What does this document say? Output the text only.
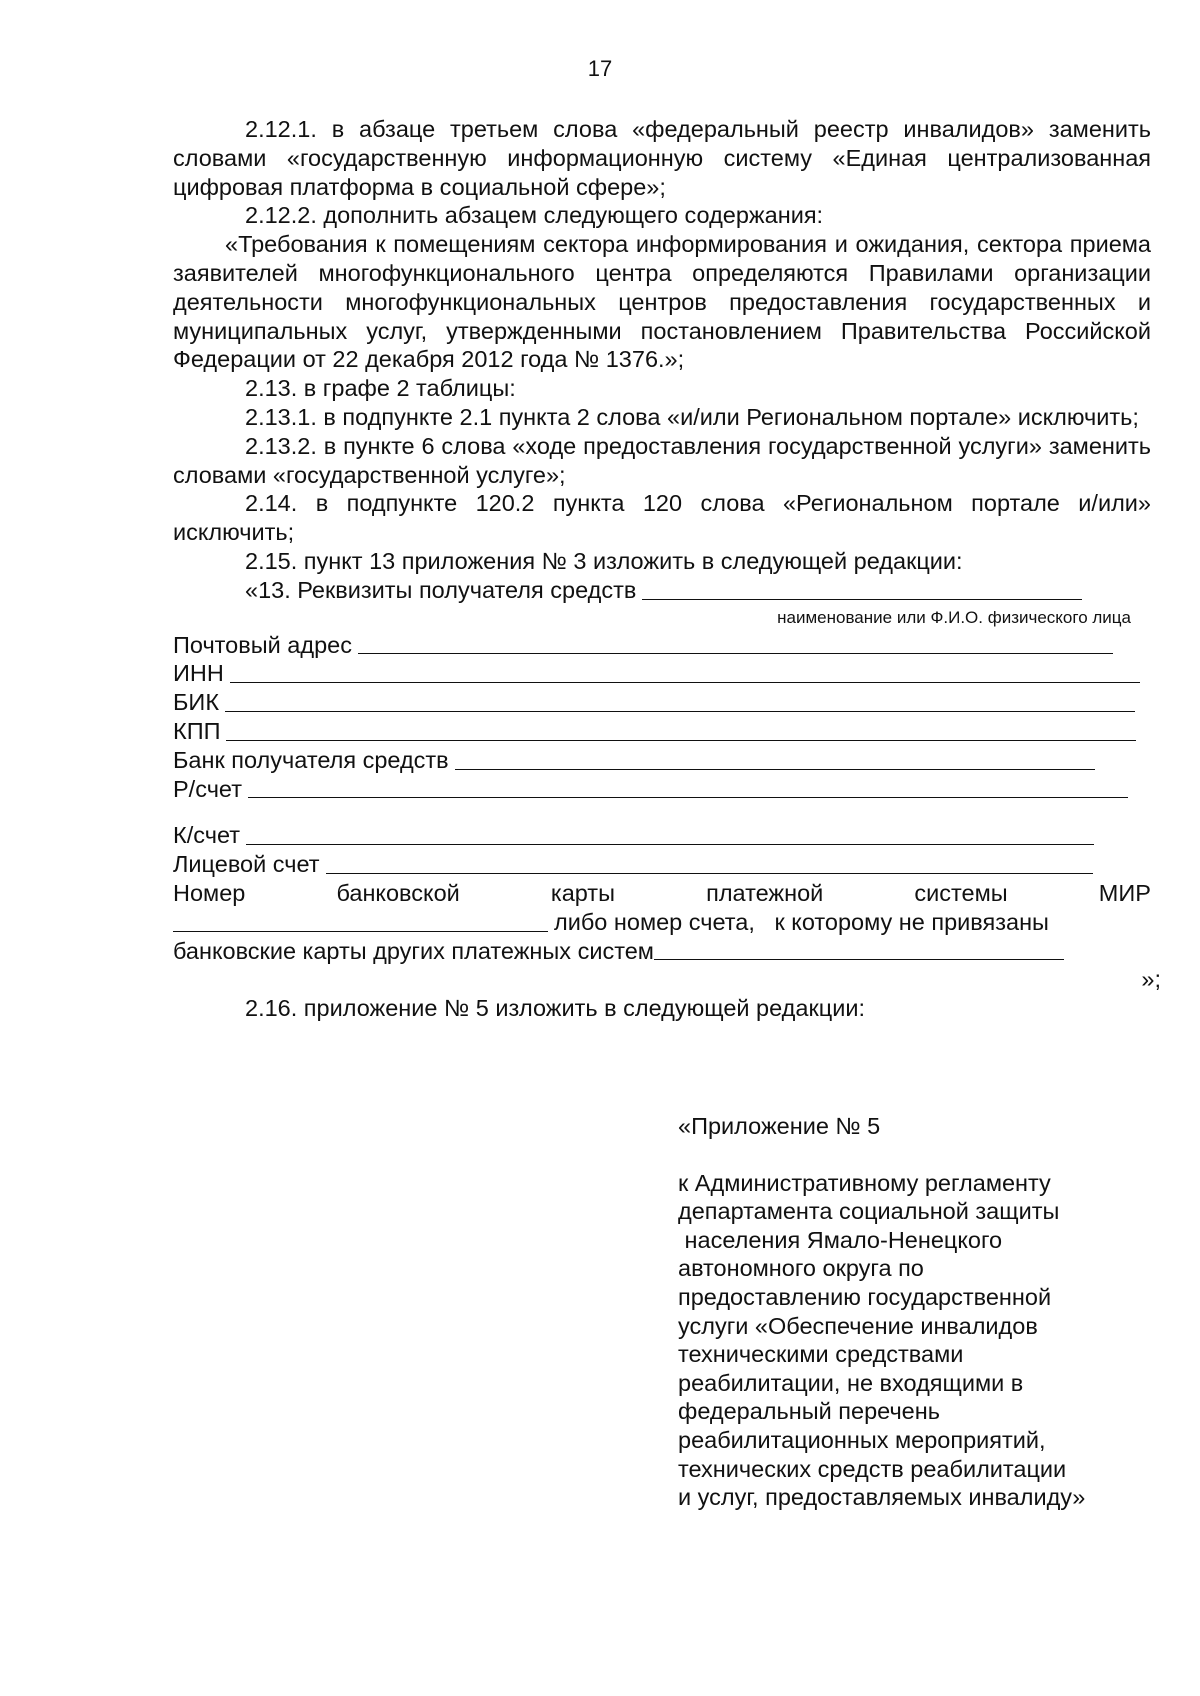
17

2.12.1. в абзаце третьем слова «федеральный реестр инвалидов» заменить словами «государственную информационную систему «Единая централизованная цифровая платформа в социальной сфере»;

2.12.2. дополнить абзацем следующего содержания:

«Требования к помещениям сектора информирования и ожидания, сектора приема заявителей многофункционального центра определяются Правилами организации деятельности многофункциональных центров предоставления государственных и муниципальных услуг, утвержденными постановлением Правительства Российской Федерации от 22 декабря 2012 года № 1376.»;

2.13. в графе 2 таблицы:

2.13.1. в подпункте 2.1 пункта 2 слова «и/или Региональном портале» исключить;

2.13.2. в пункте 6 слова «ходе предоставления государственной услуги» заменить словами «государственной услуге»;

2.14. в подпункте 120.2 пункта 120 слова «Региональном портале и/или» исключить;

2.15. пункт 13 приложения № 3 изложить в следующей редакции:

«13. Реквизиты получателя средств
наименование или Ф.И.О. физического лица
Почтовый адрес
ИНН
БИК
КПП
Банк получателя средств
Р/счет
К/счет
Лицевой счет
Номер	банковской	карты	платежной	системы	МИР
либо номер счета,   к которому не привязаны
банковские карты других платежных систем
»;

2.16. приложение № 5 изложить в следующей редакции:

«Приложение № 5

к Административному регламенту

департамента социальной защиты

населения Ямало-Ненецкого

автономного округа по

предоставлению государственной

услуги «Обеспечение инвалидов

техническими средствами

реабилитации, не входящими в

федеральный перечень

реабилитационных мероприятий,

технических средств реабилитации

и услуг, предоставляемых инвалиду»
